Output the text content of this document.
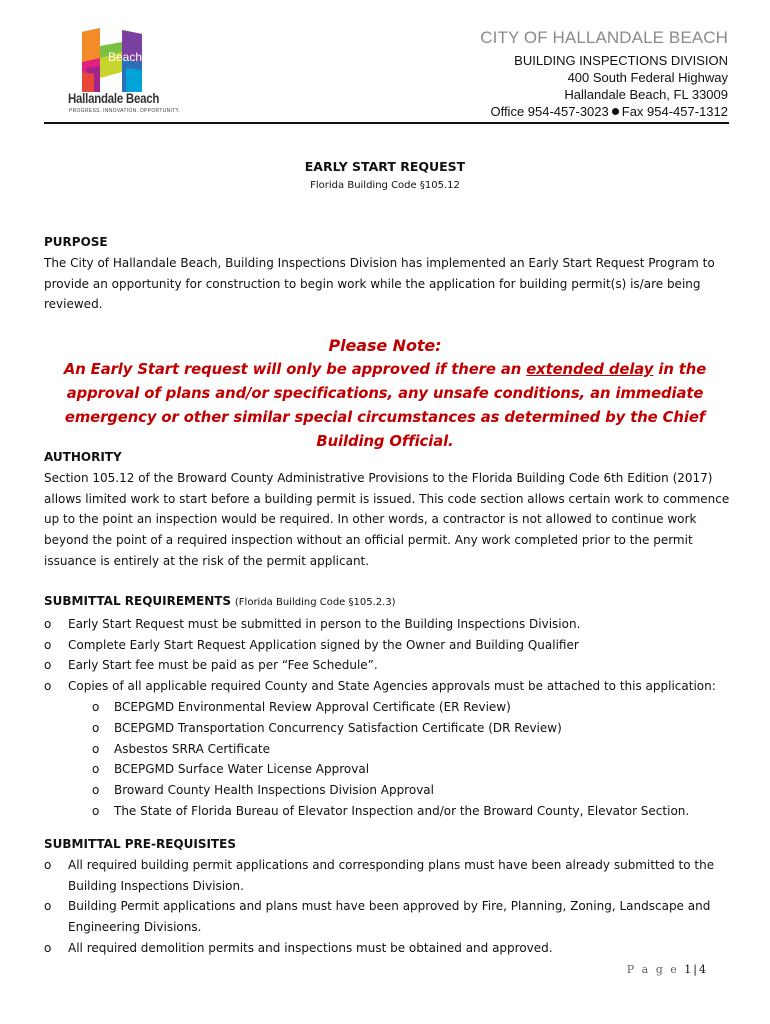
Beach
Hallandale Beach
PROGRESS. INNOVATION. OPPORTUNITY.
CITY OF HALLANDALE BEACH
BUILDING INSPECTIONS DIVISION
400 South Federal Highway
Hallandale Beach, FL 33009
Office 954-457-3023 Fax 954-457-1312
EARLY START REQUEST
Florida Building Code §105.12
PURPOSE
The City of Hallandale Beach, Building Inspections Division has implemented an Early Start Request Program to provide an opportunity for construction to begin work while the application for building permit(s) is/are being reviewed.
Please Note:
An Early Start request will only be approved if there an extended delay in the approval of plans and/or specifications, any unsafe conditions, an immediate emergency or other similar special circumstances as determined by the Chief Building Official.
AUTHORITY
Section 105.12 of the Broward County Administrative Provisions to the Florida Building Code 6th Edition (2017) allows limited work to start before a building permit is issued. This code section allows certain work to commence up to the point an inspection would be required. In other words, a contractor is not allowed to continue work beyond the point of a required inspection without an official permit. Any work completed prior to the permit issuance is entirely at the risk of the permit applicant.
SUBMITTAL REQUIREMENTS (Florida Building Code §105.2.3)
o Early Start Request must be submitted in person to the Building Inspections Division.
o Complete Early Start Request Application signed by the Owner and Building Qualifier
o Early Start fee must be paid as per “Fee Schedule”.
o Copies of all applicable required County and State Agencies approvals must be attached to this application:
o BCEPGMD Environmental Review Approval Certificate (ER Review)
o BCEPGMD Transportation Concurrency Satisfaction Certificate (DR Review)
o Asbestos SRRA Certificate
o BCEPGMD Surface Water License Approval
o Broward County Health Inspections Division Approval
o The State of Florida Bureau of Elevator Inspection and/or the Broward County, Elevator Section.
SUBMITTAL PRE-REQUISITES
o All required building permit applications and corresponding plans must have been already submitted to the Building Inspections Division.
o Building Permit applications and plans must have been approved by Fire, Planning, Zoning, Landscape and Engineering Divisions.
o All required demolition permits and inspections must be obtained and approved.
P a g e 1|4
